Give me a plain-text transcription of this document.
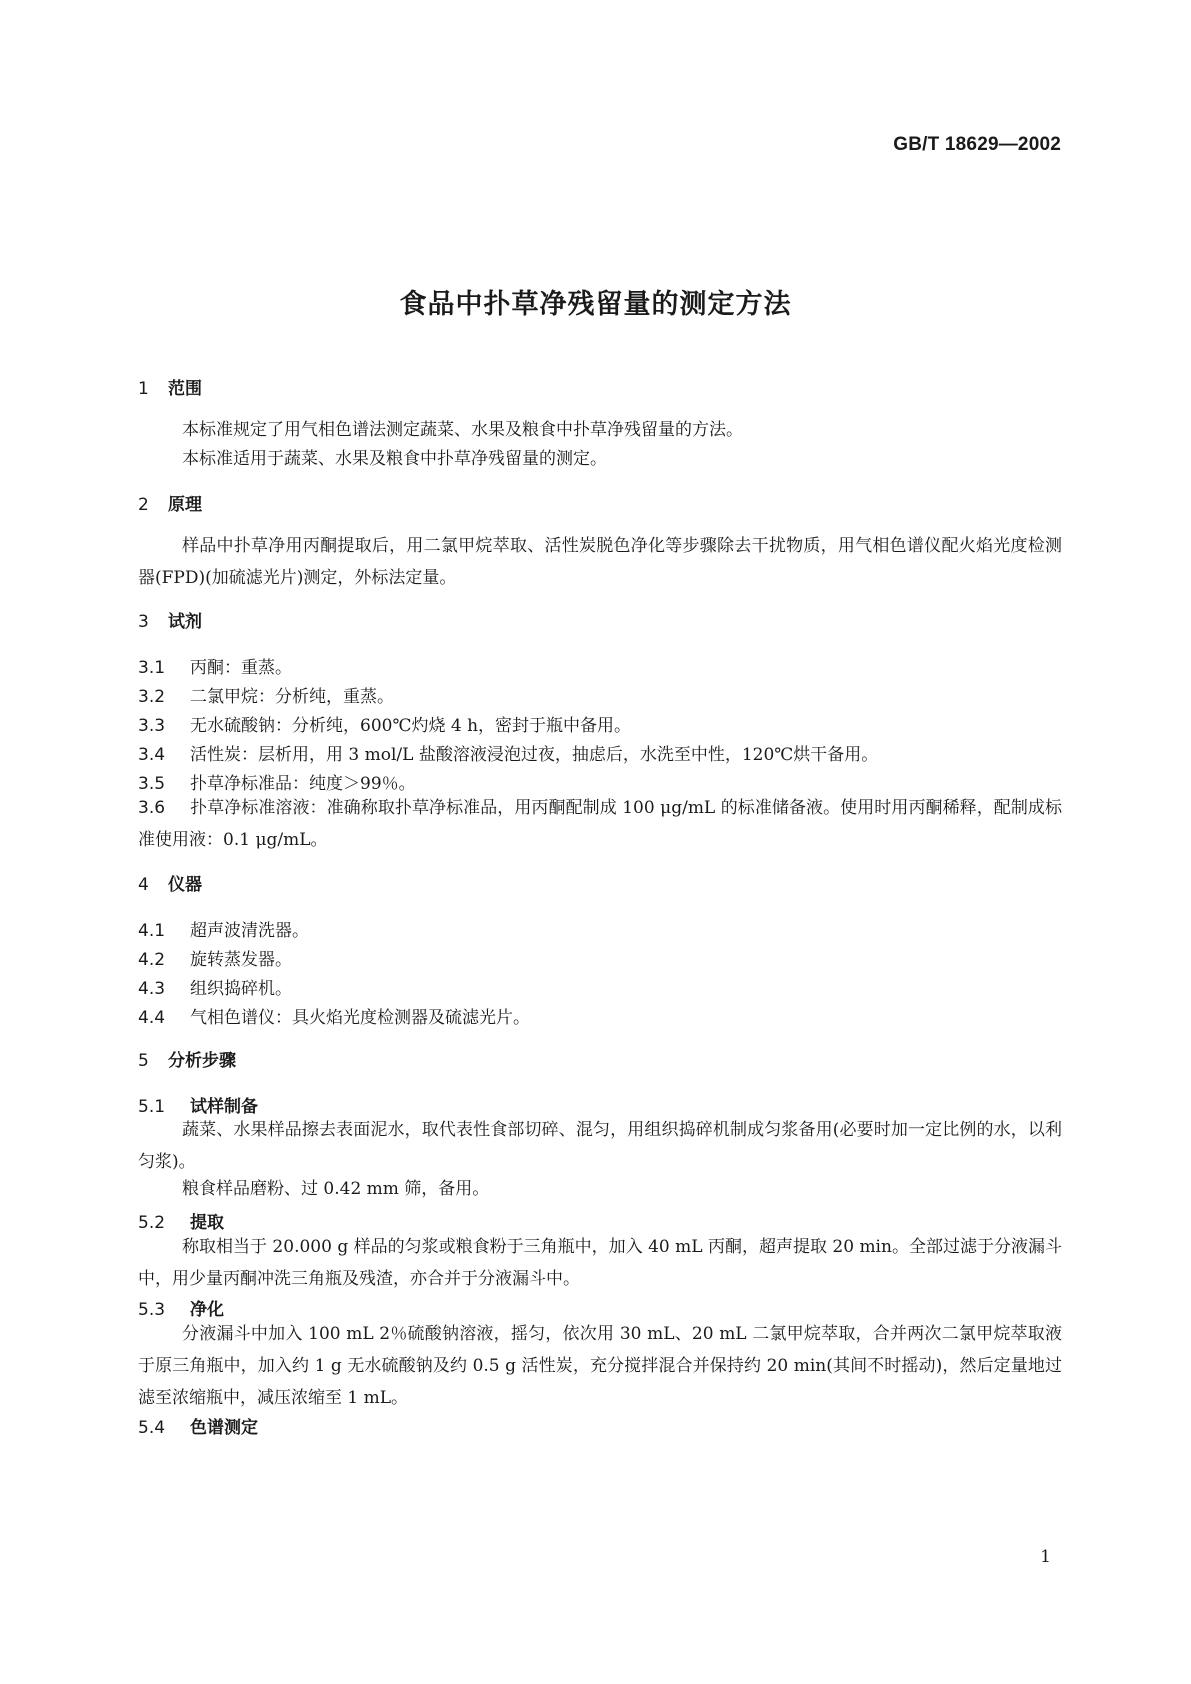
GB/T 18629—2002
食品中扑草净残留量的测定方法
1 范围
本标准规定了用气相色谱法测定蔬菜、水果及粮食中扑草净残留量的方法。
本标准适用于蔬菜、水果及粮食中扑草净残留量的测定。
2 原理
样品中扑草净用丙酮提取后，用二氯甲烷萃取、活性炭脱色净化等步骤除去干扰物质，用气相色谱仪配火焰光度检测器(FPD)(加硫滤光片)测定，外标法定量。
3 试剂
3.1 丙酮：重蒸。
3.2 二氯甲烷：分析纯，重蒸。
3.3 无水硫酸钠：分析纯，600℃灼烧 4 h，密封于瓶中备用。
3.4 活性炭：层析用，用 3 mol/L 盐酸溶液浸泡过夜，抽虑后，水洗至中性，120℃烘干备用。
3.5 扑草净标准品：纯度＞99％。
3.6 扑草净标准溶液：准确称取扑草净标准品，用丙酮配制成 100 μg/mL 的标准储备液。使用时用丙酮稀释，配制成标准使用液：0.1 μg/mL。
4 仪器
4.1 超声波清洗器。
4.2 旋转蒸发器。
4.3 组织捣碎机。
4.4 气相色谱仪：具火焰光度检测器及硫滤光片。
5 分析步骤
5.1 试样制备
蔬菜、水果样品擦去表面泥水，取代表性食部切碎、混匀，用组织捣碎机制成匀浆备用(必要时加一定比例的水，以利匀浆)。
粮食样品磨粉、过 0.42 mm 筛，备用。
5.2 提取
称取相当于 20.000 g 样品的匀浆或粮食粉于三角瓶中，加入 40 mL 丙酮，超声提取 20 min。全部过滤于分液漏斗中，用少量丙酮冲洗三角瓶及残渣，亦合并于分液漏斗中。
5.3 净化
分液漏斗中加入 100 mL 2％硫酸钠溶液，摇匀，依次用 30 mL、20 mL 二氯甲烷萃取，合并两次二氯甲烷萃取液于原三角瓶中，加入约 1 g 无水硫酸钠及约 0.5 g 活性炭，充分搅拌混合并保持约 20 min(其间不时摇动)，然后定量地过滤至浓缩瓶中，减压浓缩至 1 mL。
5.4 色谱测定
1
